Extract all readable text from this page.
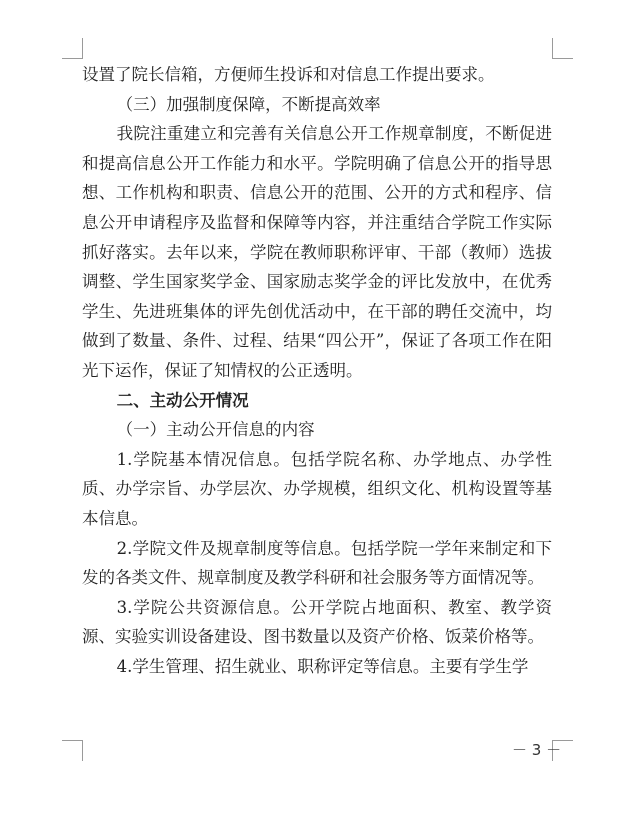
设置了院长信箱，方便师生投诉和对信息工作提出要求。

（三）加强制度保障，不断提高效率

我院注重建立和完善有关信息公开工作规章制度，不断促进和提高信息公开工作能力和水平。学院明确了信息公开的指导思想、工作机构和职责、信息公开的范围、公开的方式和程序、信息公开申请程序及监督和保障等内容，并注重结合学院工作实际抓好落实。去年以来，学院在教师职称评审、干部（教师）选拔调整、学生国家奖学金、国家励志奖学金的评比发放中，在优秀学生、先进班集体的评先创优活动中，在干部的聘任交流中，均做到了数量、条件、过程、结果“四公开”，保证了各项工作在阳光下运作，保证了知情权的公正透明。

二、主动公开情况

（一）主动公开信息的内容

1.学院基本情况信息。包括学院名称、办学地点、办学性质、办学宗旨、办学层次、办学规模，组织文化、机构设置等基本信息。

2.学院文件及规章制度等信息。包括学院一学年来制定和下发的各类文件、规章制度及教学科研和社会服务等方面情况等。

3.学院公共资源信息。公开学院占地面积、教室、教学资源、实验实训设备建设、图书数量以及资产价格、饭菜价格等。

4.学生管理、招生就业、职称评定等信息。主要有学生学

－ 3 －
